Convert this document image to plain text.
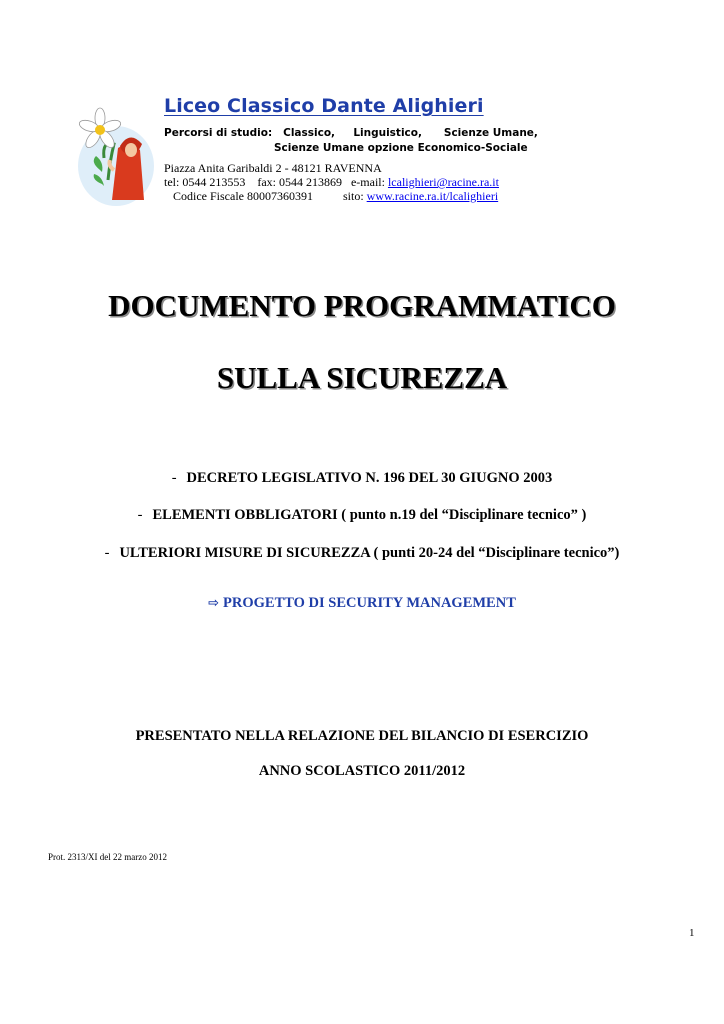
Liceo Classico Dante Alighieri
Percorsi di studio:   Classico,     Linguistico,      Scienze Umane,
Scienze Umane opzione Economico-Sociale
Piazza Anita Garibaldi 2 - 48121 RAVENNA
tel: 0544 213553    fax: 0544 213869   e-mail: lcalighieri@racine.ra.it
Codice Fiscale 80007360391          sito: www.racine.ra.it/lcalighieri
DOCUMENTO PROGRAMMATICO
SULLA SICUREZZA
- DECRETO LEGISLATIVO N. 196 DEL 30 GIUGNO 2003
- ELEMENTI OBBLIGATORI ( punto n.19 del “Disciplinare tecnico” )
- ULTERIORI MISURE DI SICUREZZA ( punti 20-24 del “Disciplinare tecnico”)
⇨ PROGETTO DI SECURITY MANAGEMENT
PRESENTATO NELLA RELAZIONE DEL BILANCIO DI ESERCIZIO
ANNO SCOLASTICO 2011/2012
Prot. 2313/XI del 22 marzo 2012
1
